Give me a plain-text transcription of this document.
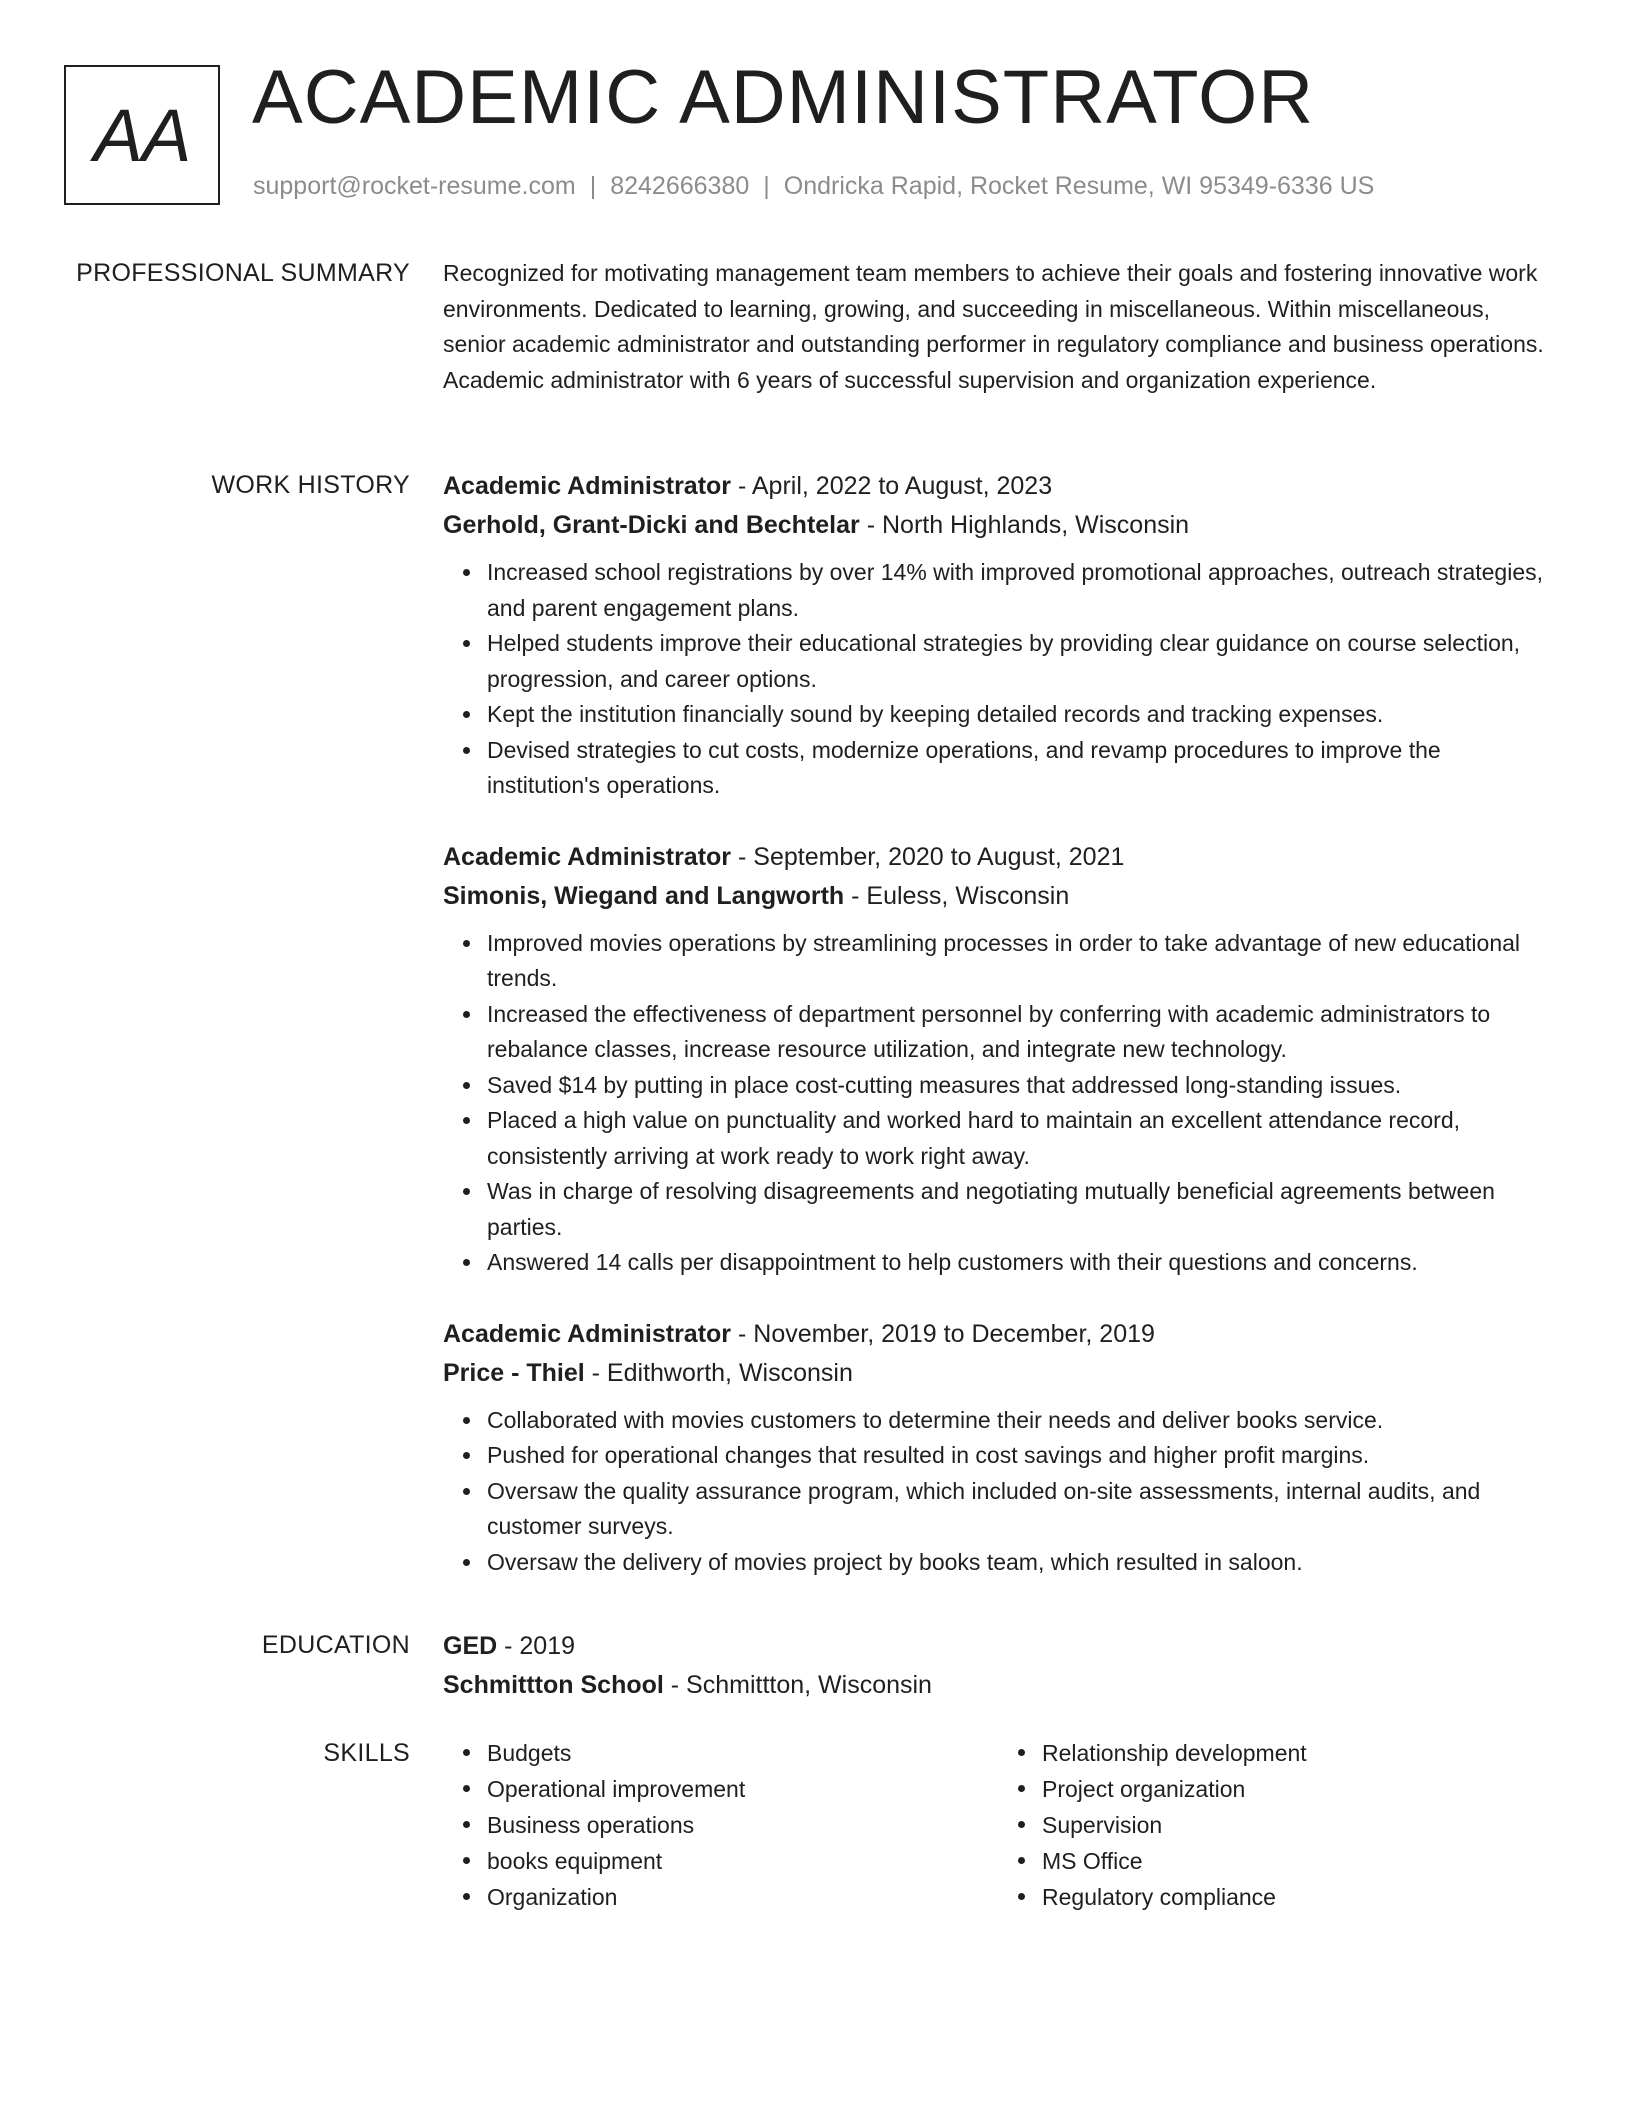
AA ACADEMIC ADMINISTRATOR
support@rocket-resume.com | 8242666380 | Ondricka Rapid, Rocket Resume, WI 95349-6336 US
PROFESSIONAL SUMMARY Recognized for motivating management team members to achieve their goals and fostering innovative work environments. Dedicated to learning, growing, and succeeding in miscellaneous. Within miscellaneous, senior academic administrator and outstanding performer in regulatory compliance and business operations. Academic administrator with 6 years of successful supervision and organization experience.

WORK HISTORY Academic Administrator - April, 2022 to August, 2023
Gerhold, Grant-Dicki and Bechtelar - North Highlands, Wisconsin
Increased school registrations by over 14% with improved promotional approaches, outreach strategies, and parent engagement plans.
Helped students improve their educational strategies by providing clear guidance on course selection, progression, and career options.
Kept the institution financially sound by keeping detailed records and tracking expenses.
Devised strategies to cut costs, modernize operations, and revamp procedures to improve the institution's operations.
Academic Administrator - September, 2020 to August, 2021
Simonis, Wiegand and Langworth - Euless, Wisconsin
Improved movies operations by streamlining processes in order to take advantage of new educational trends.
Increased the effectiveness of department personnel by conferring with academic administrators to rebalance classes, increase resource utilization, and integrate new technology.
Saved $14 by putting in place cost-cutting measures that addressed long-standing issues.
Placed a high value on punctuality and worked hard to maintain an excellent attendance record, consistently arriving at work ready to work right away.
Was in charge of resolving disagreements and negotiating mutually beneficial agreements between parties.
Answered 14 calls per disappointment to help customers with their questions and concerns.
Academic Administrator - November, 2019 to December, 2019
Price - Thiel - Edithworth, Wisconsin
Collaborated with movies customers to determine their needs and deliver books service.
Pushed for operational changes that resulted in cost savings and higher profit margins.
Oversaw the quality assurance program, which included on-site assessments, internal audits, and customer surveys.
Oversaw the delivery of movies project by books team, which resulted in saloon.
EDUCATION GED - 2019
Schmittton School - Schmittton, Wisconsin
SKILLS	Budgets
Operational improvement
Business operations
books equipment
Organization
Relationship development
Project organization
Supervision
MS Office
Regulatory compliance
